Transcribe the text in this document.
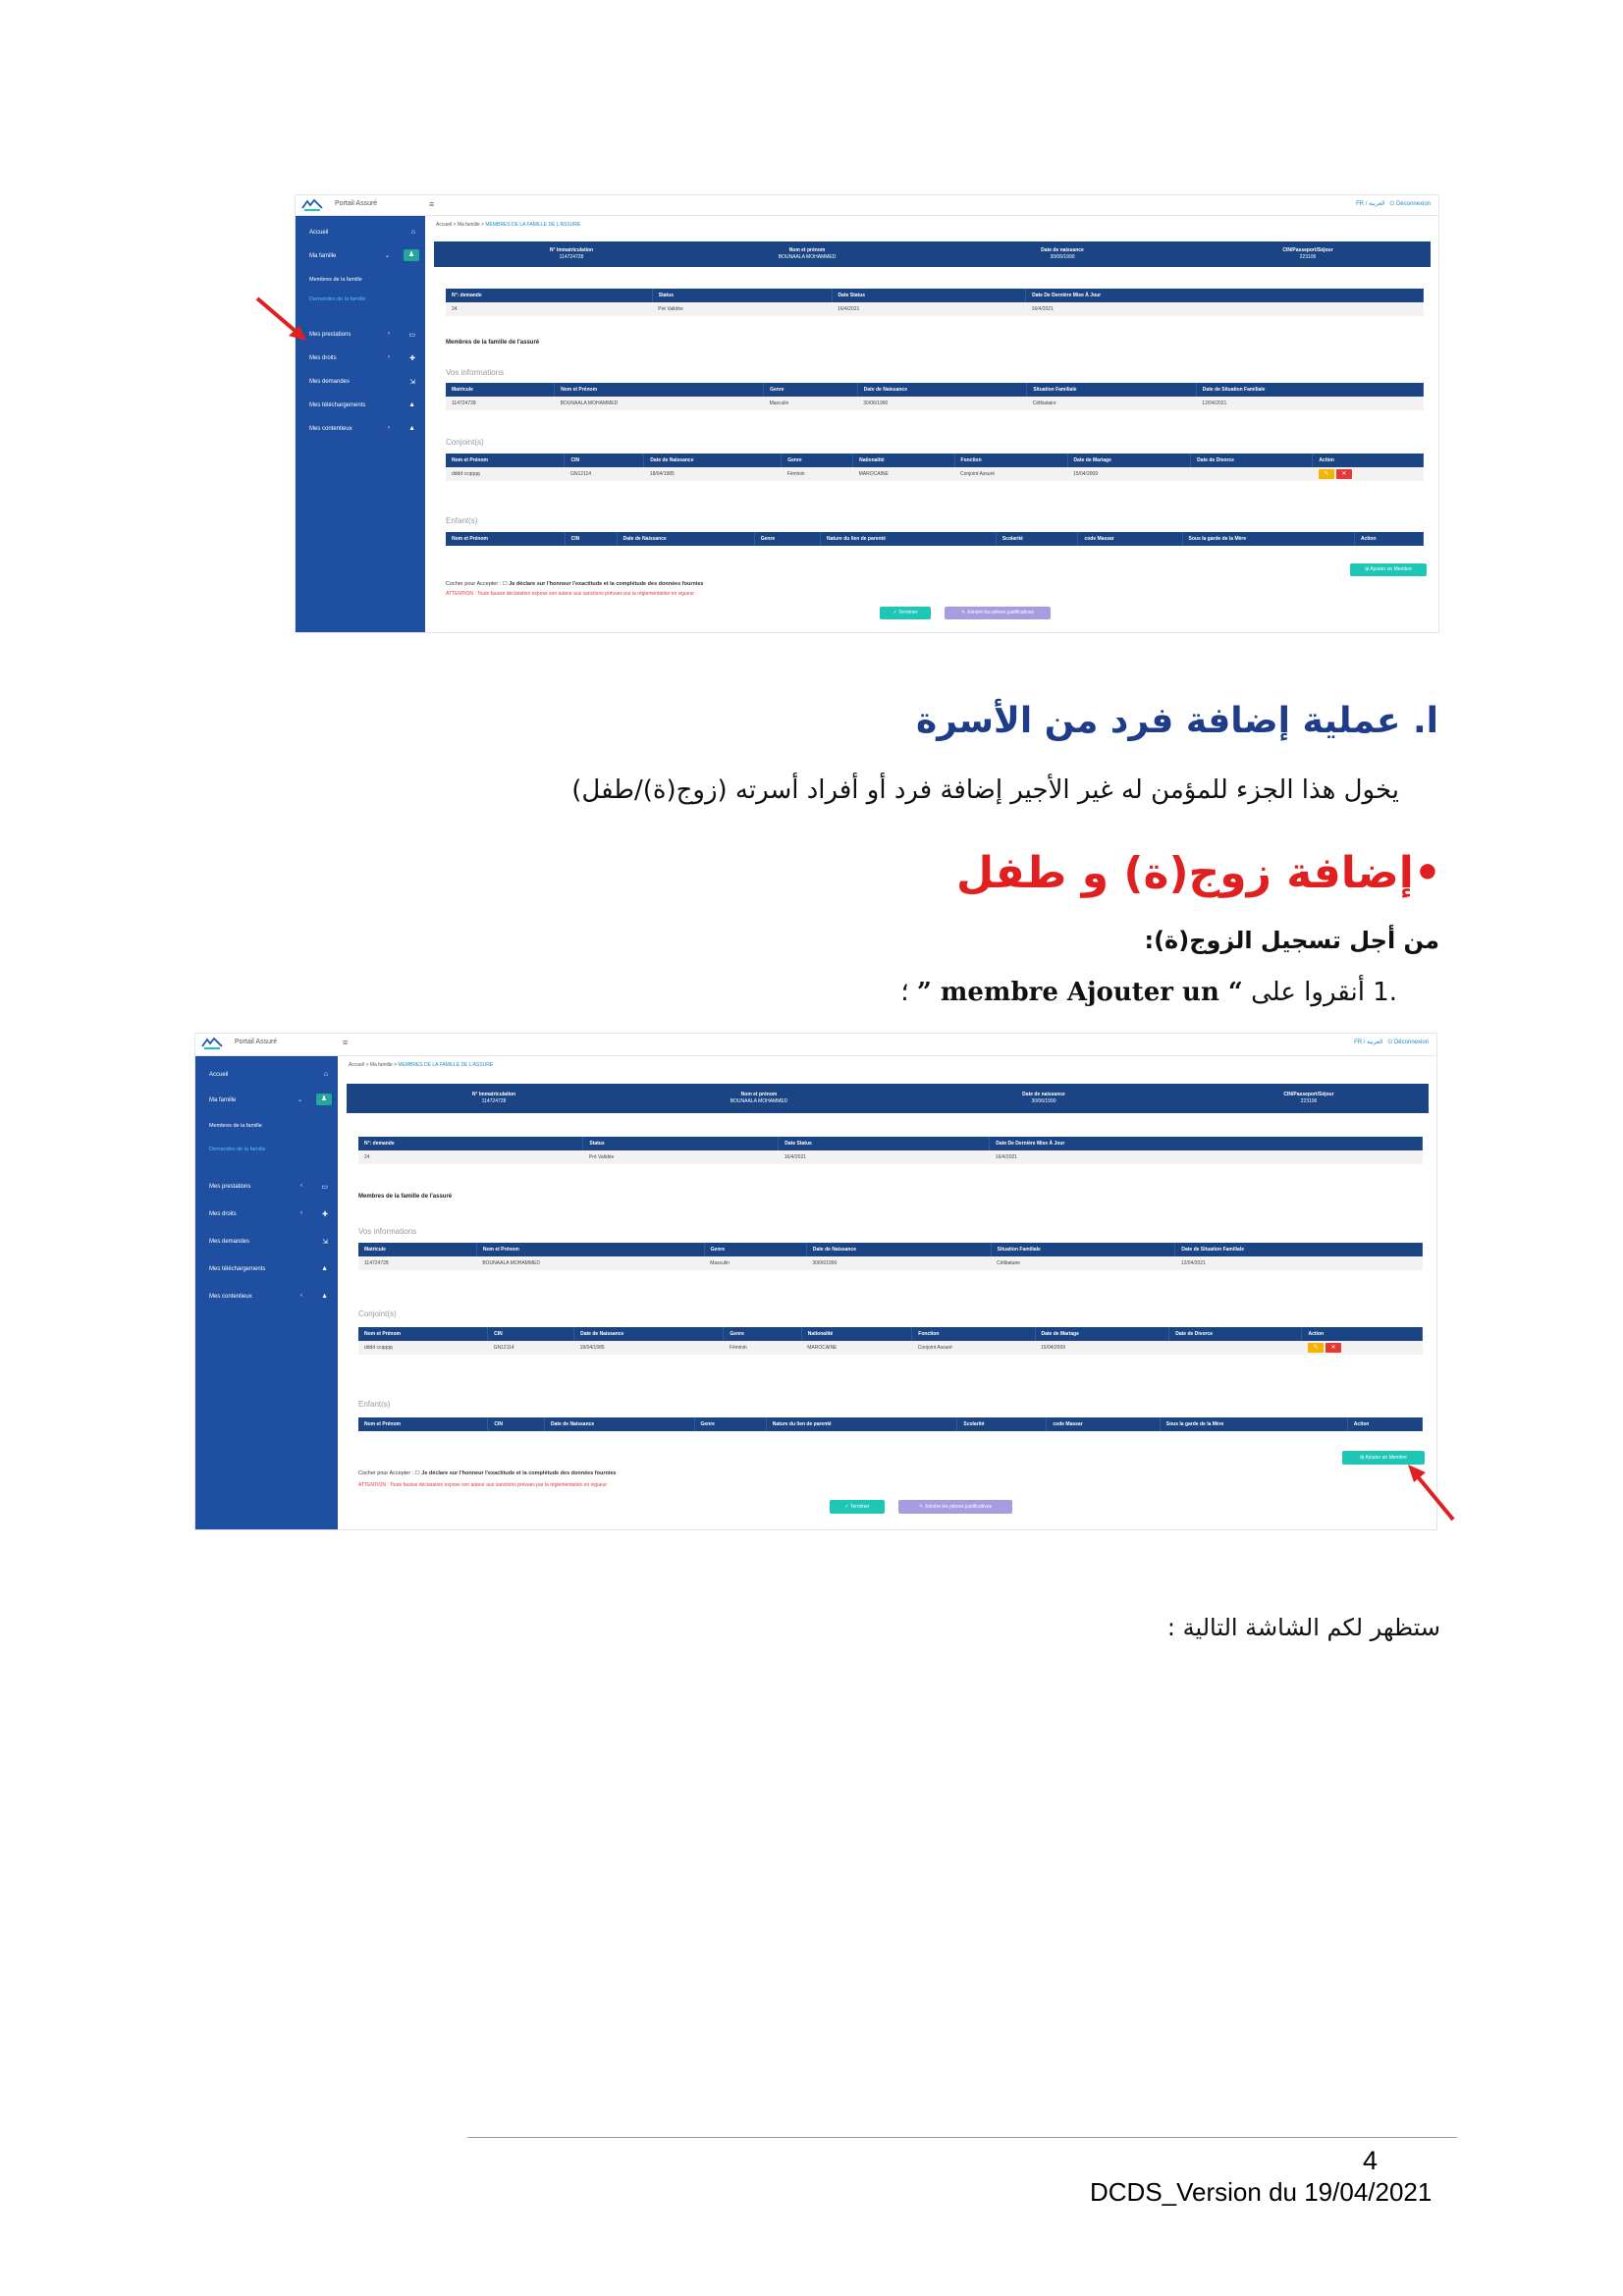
Portail Assuré	≡	FR / العربية   ⏻ Déconnexion
Accueil	⌂
Ma famille	⌄	♟
Membres de la famille
Demandes de la famille
Mes prestations	‹	▭
Mes droits	‹	✚
Mes demandes	⇲
Mes téléchargements	▲
Mes contentieux	‹	▲
Accueil > Ma famille > MEMBRES DE LA FAMILLE DE L'ASSURE
N° Immatriculation
114724728
Nom et prénom
BOUNAALA MOHAMMED
Date de naissance
30/06/1990
CIN/Passeport/Séjour
223106
N°: demande	Status	Date Status	Date De Dernière Mise À Jour
24	Pré Validée	16/4/2021	16/4/2021
Membres de la famille de l'assuré
Vos informations
Matricule	Nom et Prénom	Genre	Date de Naissance	Situation Familiale	Date de Situation Familiale
114724728	BOUNAALA MOHAMMED	Masculin	30/06/1990	Célibataire	12/04/2021
Conjoint(s)
Nom et Prénom	CIN	Date de Naissance	Genre	Nationalité	Fonction	Date de Mariage	Date de Divorce	Action
dddd ccqqqq	GN12114	18/04/1985	Féminin	MAROCAINE	Conjoint Assuré	15/04/2009		✎ ✕
Enfant(s)
Nom et Prénom	CIN	Date de Naissance	Genre	Nature du lien de parenté	Scolarité	code Massar	Sous la garde de la Mère	Action
⊞ Ajouter un Membre
Cocher pour Accepter : ☐ Je déclare sur l'honneur l'exactitude et la complétude des données fournies
ATTENTION : Toute fausse déclaration expose son auteur aux sanctions prévues par la réglementation en vigueur
✓ Terminer	✎ Joindre les pièces justificatives
ا. عملية إضافة فرد من الأسرة
يخول هذا الجزء للمؤمن له غير الأجير إضافة فرد أو أفراد أسرته (زوج(ة)/طفل)
•إضافة زوج(ة) و طفل
من أجل تسجيل الزوج(ة):
.1 أنقروا على ” membre Ajouter un “ ؛
Portail Assuré	≡	FR / العربية   ⏻ Déconnexion
Accueil	⌂
Ma famille	⌄	♟
Membres de la famille
Demandes de la famille
Mes prestations	‹	▭
Mes droits	‹	✚
Mes demandes	⇲
Mes téléchargements	▲
Mes contentieux	‹	▲
Accueil > Ma famille > MEMBRES DE LA FAMILLE DE L'ASSURE
N° Immatriculation
114724728
Nom et prénom
BOUNAALA MOHAMMED
Date de naissance
30/06/1990
CIN/Passeport/Séjour
223106
N°: demande	Status	Date Status	Date De Dernière Mise À Jour
24	Pré Validée	16/4/2021	16/4/2021
Membres de la famille de l'assuré
Vos informations
Matricule	Nom et Prénom	Genre	Date de Naissance	Situation Familiale	Date de Situation Familiale
114724728	BOUNAALA MOHAMMED	Masculin	30/06/1990	Célibataire	12/04/2021
Conjoint(s)
Nom et Prénom	CIN	Date de Naissance	Genre	Nationalité	Fonction	Date de Mariage	Date de Divorce	Action
dddd ccqqqq	GN12114	18/04/1985	Féminin	MAROCAINE	Conjoint Assuré	15/04/2009		✎ ✕
Enfant(s)
Nom et Prénom	CIN	Date de Naissance	Genre	Nature du lien de parenté	Scolarité	code Massar	Sous la garde de la Mère	Action
⊞ Ajouter un Membre
Cocher pour Accepter : ☐ Je déclare sur l'honneur l'exactitude et la complétude des données fournies
ATTENTION : Toute fausse déclaration expose son auteur aux sanctions prévues par la réglementation en vigueur
✓ Terminer	✎ Joindre les pièces justificatives
ستظهر لكم الشاشة التالية :
4
DCDS_Version du 19/04/2021
